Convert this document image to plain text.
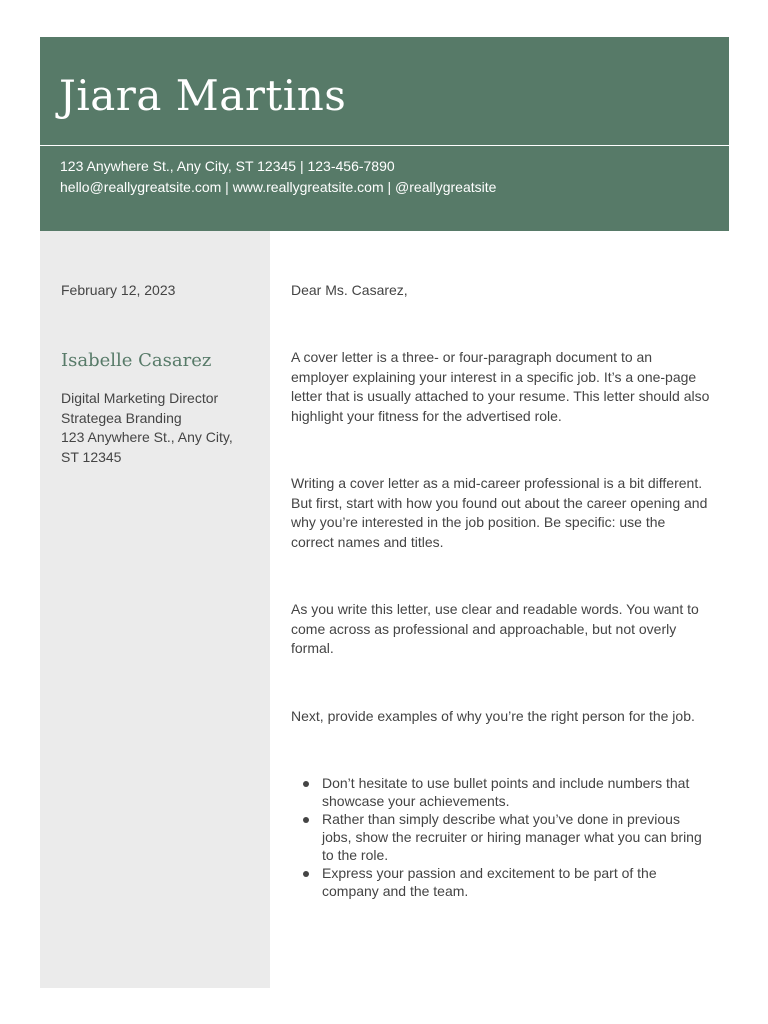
Jiara Martins
123 Anywhere St., Any City, ST 12345 | 123-456-7890
hello@reallygreatsite.com | www.reallygreatsite.com | @reallygreatsite
February 12, 2023
Isabelle Casarez
Digital Marketing Director
Strategea Branding
123 Anywhere St., Any City,
ST 12345
Dear Ms. Casarez,

A cover letter is a three- or four-paragraph document to an employer explaining your interest in a specific job. It’s a one-page letter that is usually attached to your resume. This letter should also highlight your fitness for the advertised role.

Writing a cover letter as a mid-career professional is a bit different. But first, start with how you found out about the career opening and why you’re interested in the job position. Be specific: use the correct names and titles.

As you write this letter, use clear and readable words. You want to come across as professional and approachable, but not overly formal.

Next, provide examples of why you’re the right person for the job.

Don’t hesitate to use bullet points and include numbers that showcase your achievements.
Rather than simply describe what you’ve done in previous jobs, show the recruiter or hiring manager what you can bring to the role.
Express your passion and excitement to be part of the company and the team.
